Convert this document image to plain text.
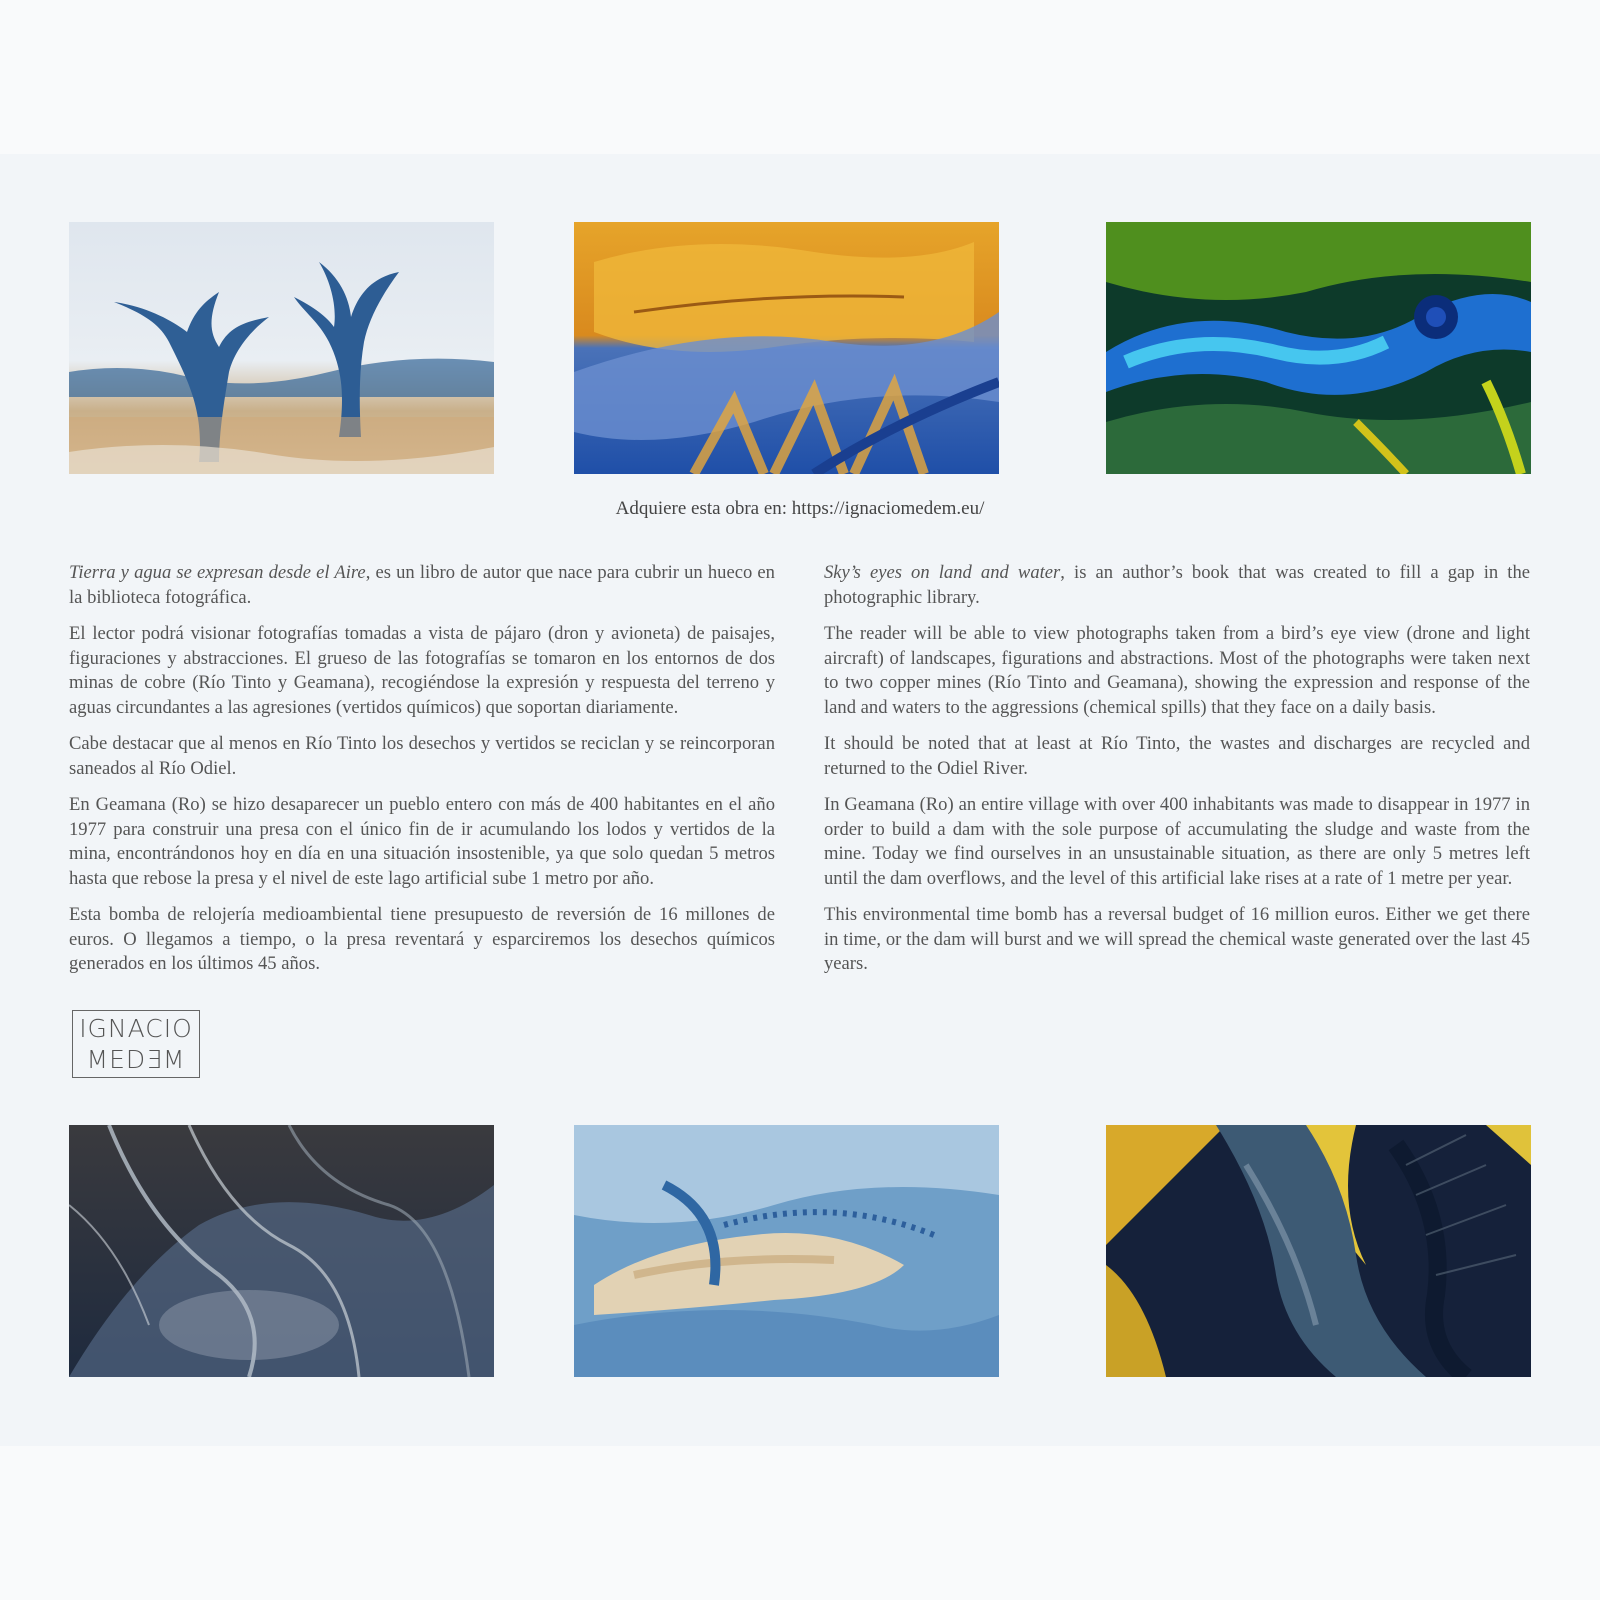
Adquiere esta obra en: https://ignaciomedem.eu/

Tierra y agua se expresan desde el Aire, es un libro de autor que nace para cubrir un hueco en la biblioteca fotográfica.

El lector podrá visionar fotografías tomadas a vista de pájaro (dron y avioneta) de paisajes, figuraciones y abstracciones. El grueso de las fotografías se tomaron en los entornos de dos minas de cobre (Río Tinto y Geamana), recogiéndose la expresión y respuesta del terreno y aguas circundantes a las agresiones (vertidos químicos) que soportan diariamente.

Cabe destacar que al menos en Río Tinto los desechos y vertidos se reciclan y se reincorporan saneados al Río Odiel.

En Geamana (Ro) se hizo desaparecer un pueblo entero con más de 400 habitantes en el año 1977 para construir una presa con el único fin de ir acumulando los lodos y vertidos de la mina, encontrándonos hoy en día en una situación insostenible, ya que solo quedan 5 metros hasta que rebose la presa y el nivel de este lago artificial sube 1 metro por año.

Esta bomba de relojería medioambiental tiene presupuesto de reversión de 16 millones de euros. O llegamos a tiempo, o la presa reventará y esparciremos los desechos químicos generados en los últimos 45 años.

Sky’s eyes on land and water, is an author’s book that was created to fill a gap in the photographic library.

The reader will be able to view photographs taken from a bird’s eye view (drone and light aircraft) of landscapes, figurations and abstractions. Most of the photographs were taken next to two copper mines (Río Tinto and Geamana), showing the expression and response of the land and waters to the aggressions (chemical spills) that they face on a daily basis.

It should be noted that at least at Río Tinto, the wastes and discharges are recycled and returned to the Odiel River.

In Geamana (Ro) an entire village with over 400 inhabitants was made to disappear in 1977 in order to build a dam with the sole purpose of accumulating the sludge and waste from the mine. Today we find ourselves in an unsustainable situation, as there are only 5 metres left until the dam overflows, and the level of this artificial lake rises at a rate of 1 metre per year.

This environmental time bomb has a reversal budget of 16 million euros. Either we get there in time, or the dam will burst and we will spread the chemical waste generated over the last 45 years.

IGNACIO
MEDƎM
